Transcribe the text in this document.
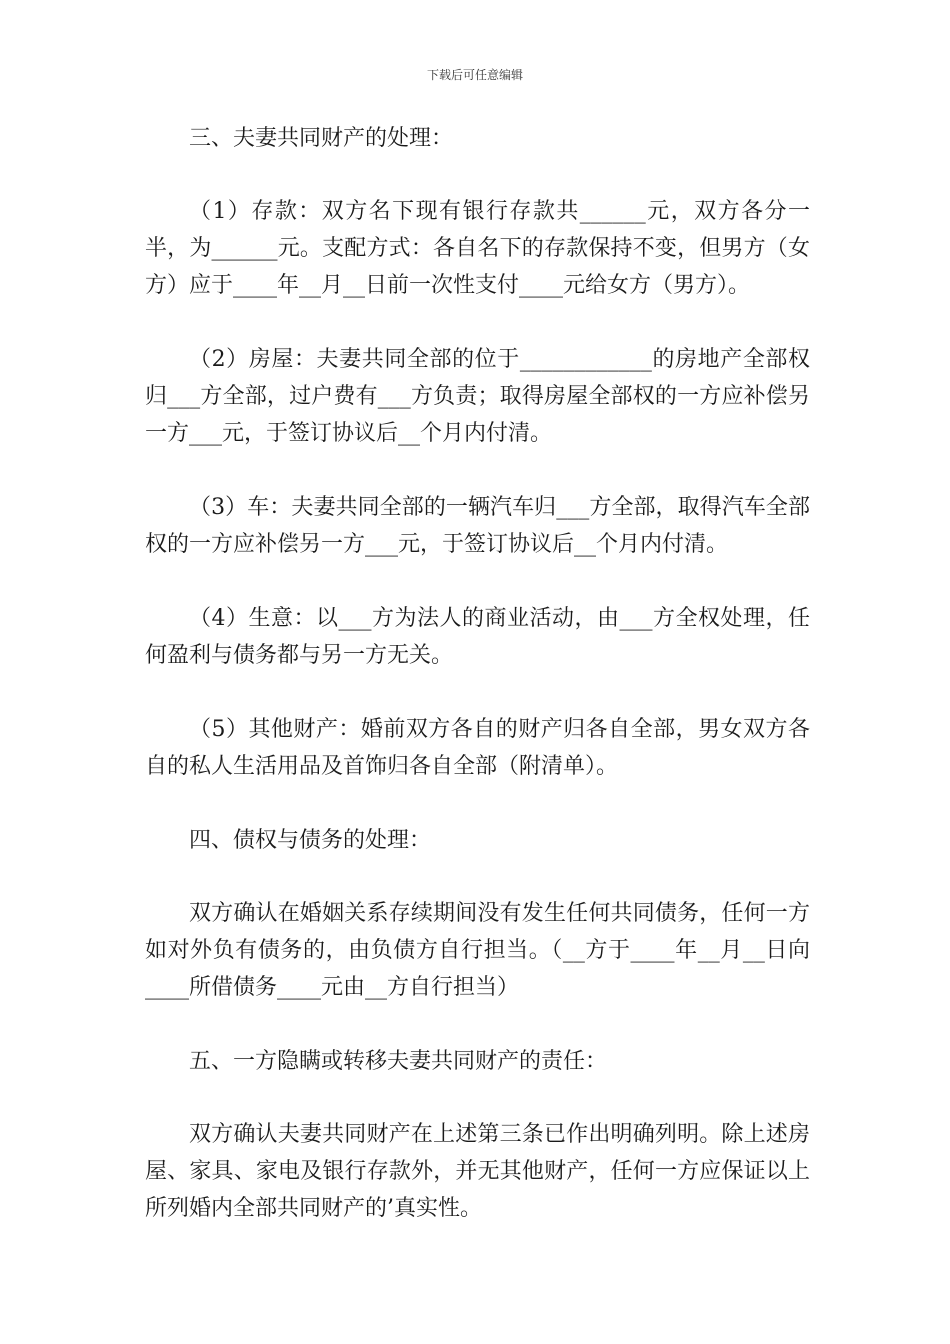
下载后可任意编辑

三、夫妻共同财产的处理：

（1）存款：双方名下现有银行存款共______元，双方各分一半，为______元。支配方式：各自名下的存款保持不变，但男方（女方）应于____年__月__日前一次性支付____元给女方（男方）。

（2）房屋：夫妻共同全部的位于____________的房地产全部权归___方全部，过户费有___方负责；取得房屋全部权的一方应补偿另一方___元，于签订协议后__个月内付清。

（3）车：夫妻共同全部的一辆汽车归___方全部，取得汽车全部权的一方应补偿另一方___元，于签订协议后__个月内付清。

（4）生意：以___方为法人的商业活动，由___方全权处理，任何盈利与债务都与另一方无关。

（5）其他财产：婚前双方各自的财产归各自全部，男女双方各自的私人生活用品及首饰归各自全部（附清单）。

四、债权与债务的处理：

双方确认在婚姻关系存续期间没有发生任何共同债务，任何一方如对外负有债务的，由负债方自行担当。（__方于____年__月__日向____所借债务____元由__方自行担当）

五、一方隐瞒或转移夫妻共同财产的责任：

双方确认夫妻共同财产在上述第三条已作出明确列明。除上述房屋、家具、家电及银行存款外，并无其他财产，任何一方应保证以上所列婚内全部共同财产的’真实性。
